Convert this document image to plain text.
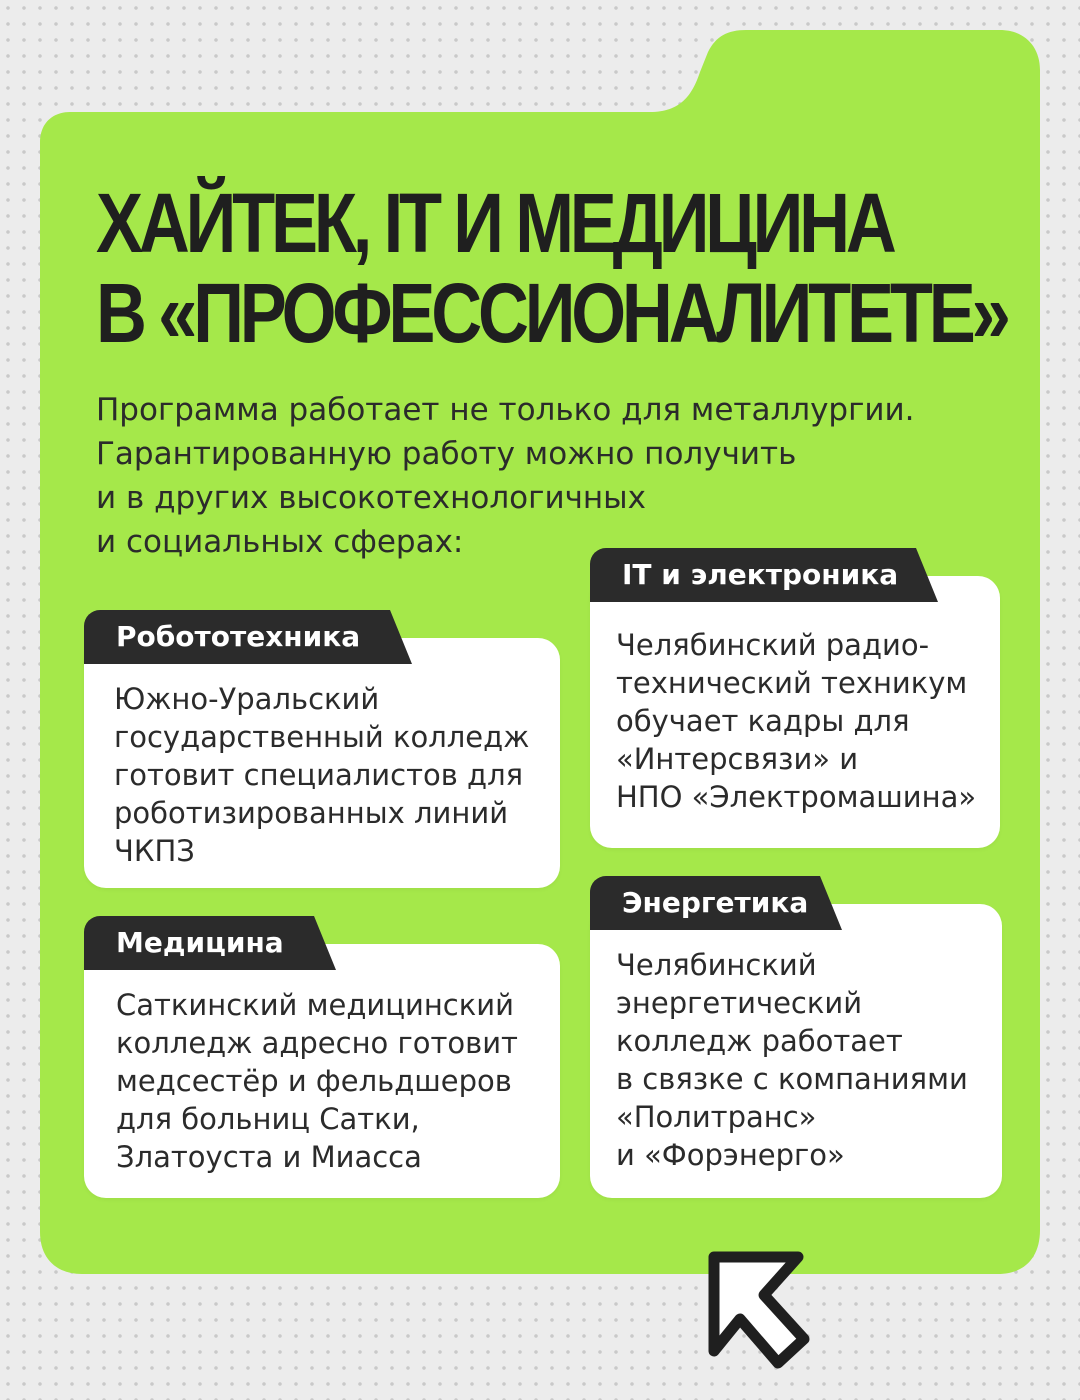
ХАЙТЕК, IT И МЕДИЦИНА
В «ПРОФЕССИОНАЛИТЕТЕ»

Программа работает не только для металлургии.
Гарантированную работу можно получить
и в других высокотехнологичных
и социальных сферах:

Робототехника

Южно-Уральский
государственный колледж
готовит специалистов для
роботизированных линий
ЧКПЗ

IT и электроника

Челябинский радио-
технический техникум
обучает кадры для
«Интерсвязи» и
НПО «Электромашина»

Медицина

Саткинский медицинский
колледж адресно готовит
медсестёр и фельдшеров
для больниц Сатки,
Златоуста и Миасса

Энергетика

Челябинский
энергетический
колледж работает
в связке с компаниями
«Политранс»
и «Форэнерго»
